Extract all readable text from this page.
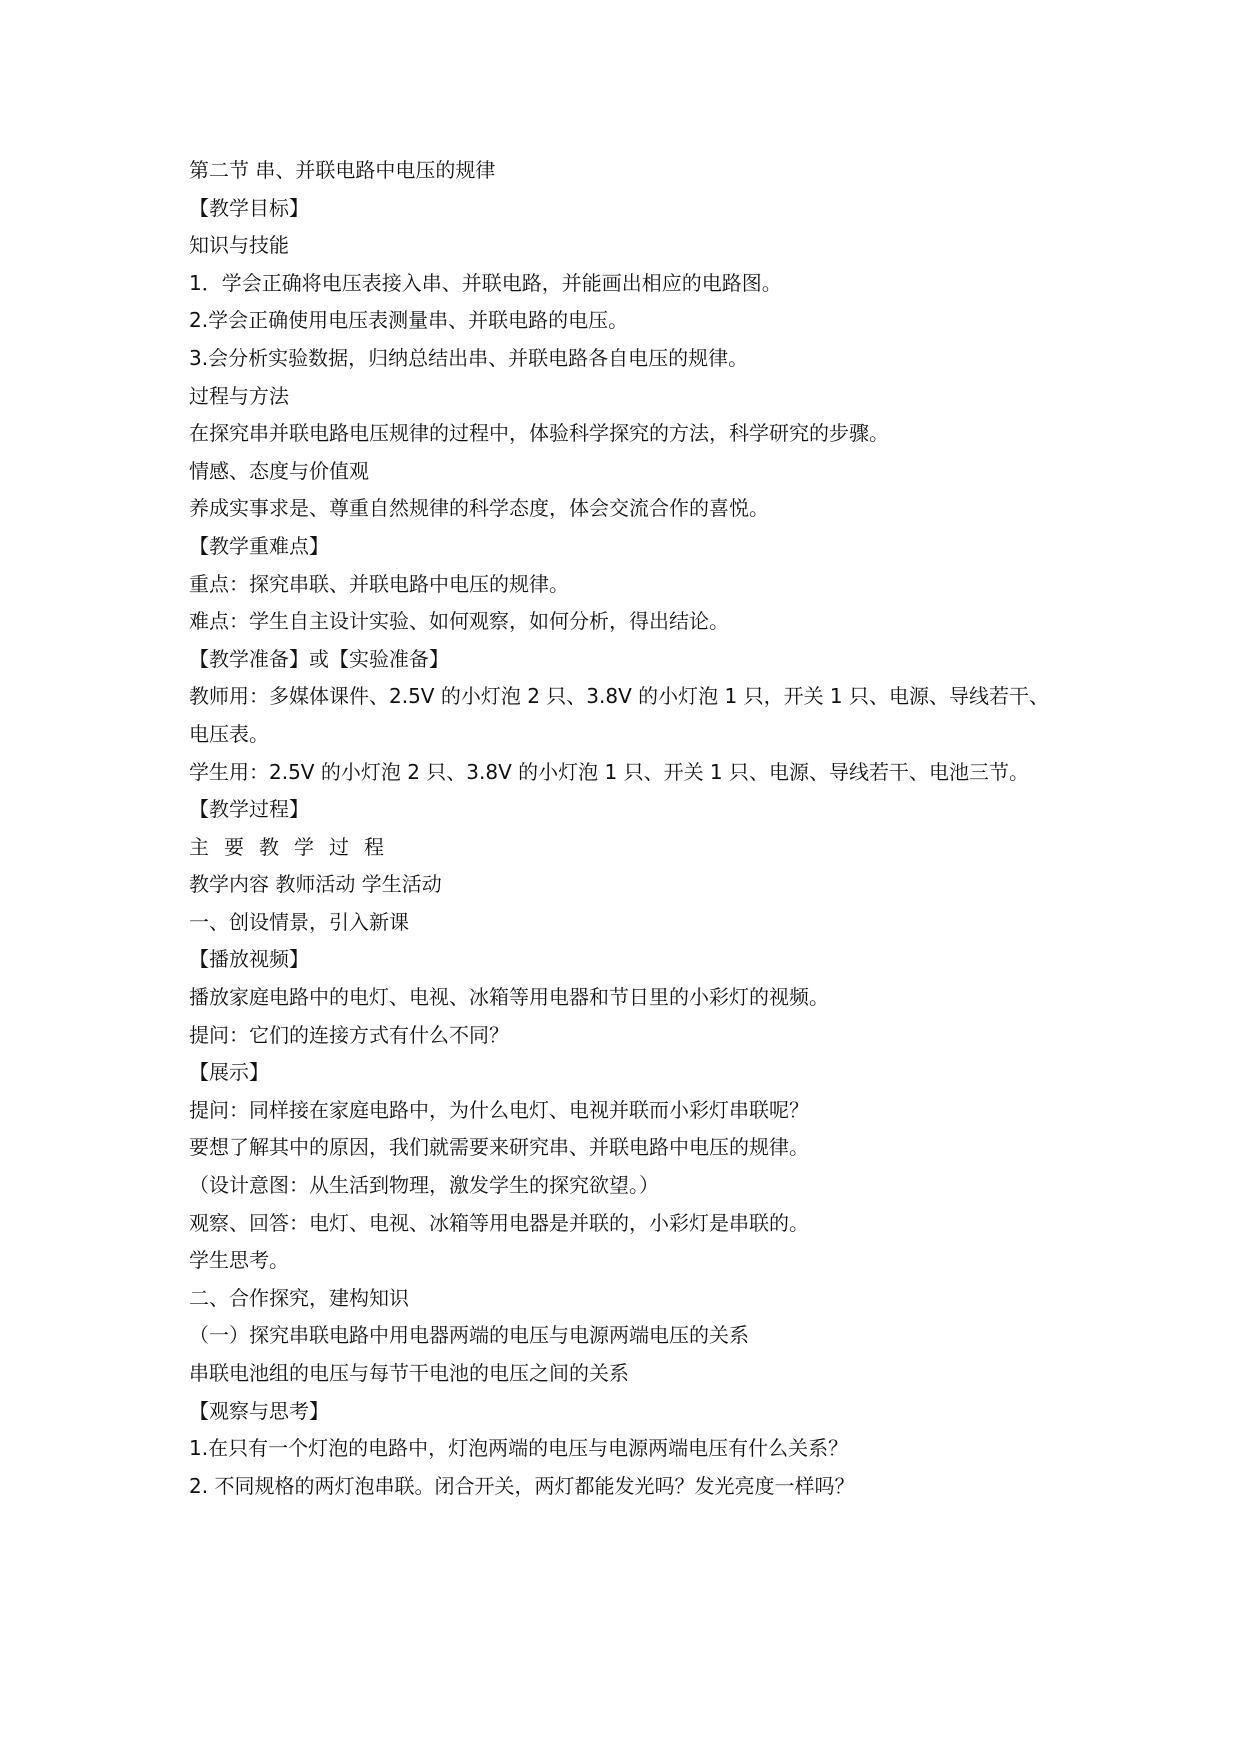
第二节 串、并联电路中电压的规律

【教学目标】

知识与技能

1．学会正确将电压表接入串、并联电路，并能画出相应的电路图。

2.学会正确使用电压表测量串、并联电路的电压。

3.会分析实验数据，归纳总结出串、并联电路各自电压的规律。

过程与方法

在探究串并联电路电压规律的过程中，体验科学探究的方法，科学研究的步骤。

情感、态度与价值观

养成实事求是、尊重自然规律的科学态度，体会交流合作的喜悦。

【教学重难点】

重点：探究串联、并联电路中电压的规律。

难点：学生自主设计实验、如何观察，如何分析，得出结论。

【教学准备】或【实验准备】

教师用：多媒体课件、2.5V 的小灯泡 2 只、3.8V 的小灯泡 1 只，开关 1 只、电源、导线若干、电压表。

学生用：2.5V 的小灯泡 2 只、3.8V 的小灯泡 1 只、开关 1 只、电源、导线若干、电池三节。

【教学过程】

主要教学过程

教学内容 教师活动 学生活动

一、创设情景，引入新课

【播放视频】

播放家庭电路中的电灯、电视、冰箱等用电器和节日里的小彩灯的视频。

提问：它们的连接方式有什么不同？

【展示】

提问：同样接在家庭电路中，为什么电灯、电视并联而小彩灯串联呢？

要想了解其中的原因，我们就需要来研究串、并联电路中电压的规律。

（设计意图：从生活到物理，激发学生的探究欲望。）

观察、回答：电灯、电视、冰箱等用电器是并联的，小彩灯是串联的。

学生思考。

二、合作探究，建构知识

（一）探究串联电路中用电器两端的电压与电源两端电压的关系

串联电池组的电压与每节干电池的电压之间的关系

【观察与思考】

1.在只有一个灯泡的电路中，灯泡两端的电压与电源两端电压有什么关系？

2. 不同规格的两灯泡串联。闭合开关，两灯都能发光吗？发光亮度一样吗？
